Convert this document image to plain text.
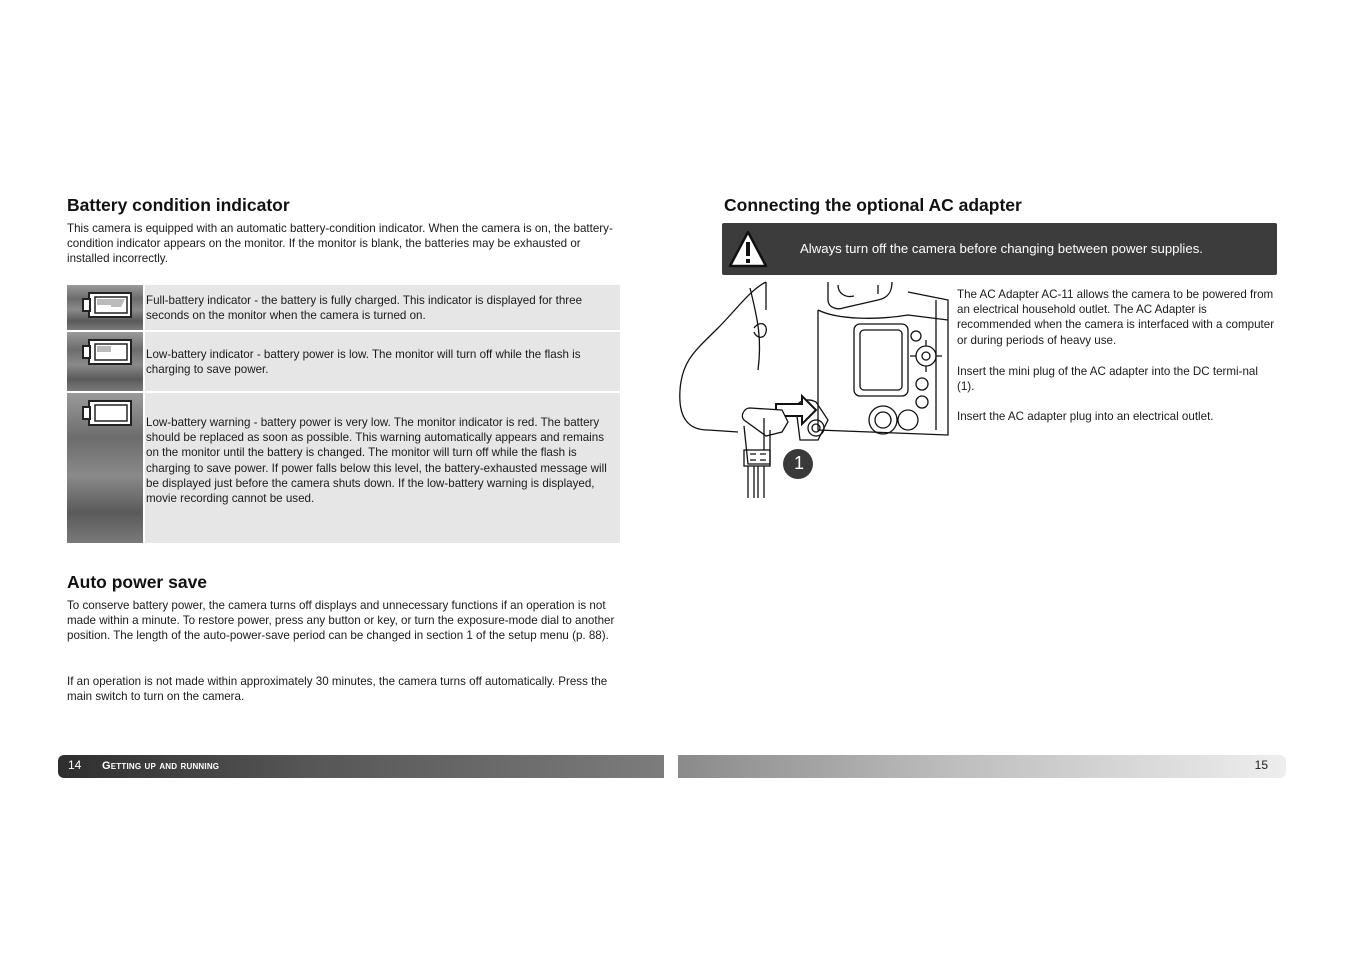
Battery condition indicator

This camera is equipped with an automatic battery-condition indicator. When the camera is on, the battery-condition indicator appears on the monitor. If the monitor is blank, the batteries may be exhausted or installed incorrectly.

Full-battery indicator - the battery is fully charged. This indicator is displayed for three seconds on the monitor when the camera is turned on.

Low-battery indicator - battery power is low. The monitor will turn off while the flash is charging to save power.

Low-battery warning - battery power is very low. The monitor indicator is red. The battery should be replaced as soon as possible. This warning automatically appears and remains on the monitor until the battery is changed. The monitor will turn off while the flash is charging to save power. If power falls below this level, the battery-exhausted message will be displayed just before the camera shuts down. If the low-battery warning is displayed, movie recording cannot be used.

Auto power save

To conserve battery power, the camera turns off displays and unnecessary functions if an operation is not made within a minute. To restore power, press any button or key, or turn the exposure-mode dial to another position. The length of the auto-power-save period can be changed in section 1 of the setup menu (p. 88).

If an operation is not made within approximately 30 minutes, the camera turns off automatically. Press the main switch to turn on the camera.

14 Getting up and running
Connecting the optional AC adapter
Always turn off the camera before changing between power supplies.
1

The AC Adapter AC-11 allows the camera to be powered from an electrical household outlet. The AC Adapter is recommended when the camera is interfaced with a computer or during periods of heavy use.

Insert the mini plug of the AC adapter into the DC termi-nal (1).

Insert the AC adapter plug into an electrical outlet.

15
